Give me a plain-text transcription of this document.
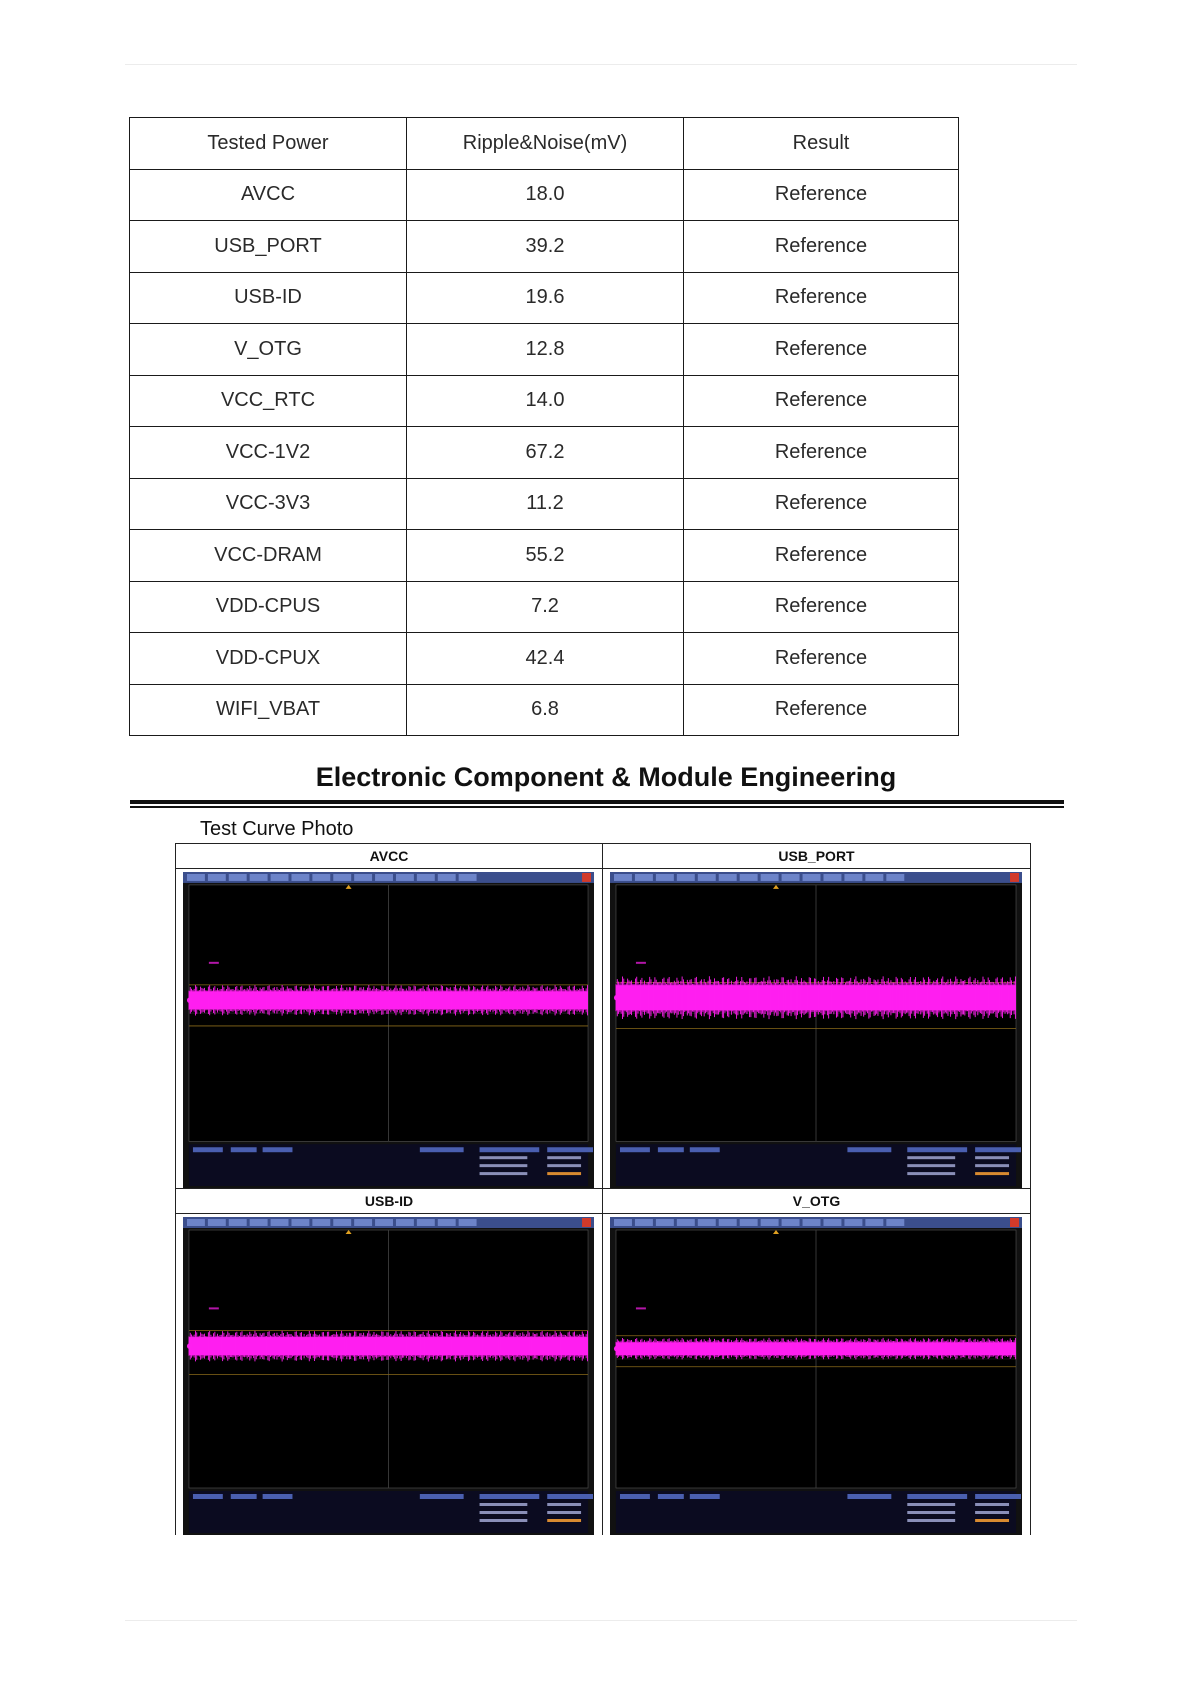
Tested Power	Ripple&Noise(mV)	Result
AVCC	18.0	Reference
USB_PORT	39.2	Reference
USB-ID	19.6	Reference
V_OTG	12.8	Reference
VCC_RTC	14.0	Reference
VCC-1V2	67.2	Reference
VCC-3V3	11.2	Reference
VCC-DRAM	55.2	Reference
VDD-CPUS	7.2	Reference
VDD-CPUX	42.4	Reference
WIFI_VBAT	6.8	Reference
Electronic Component & Module Engineering
Test Curve Photo
AVCC	USB_PORT
USB-ID	V_OTG
